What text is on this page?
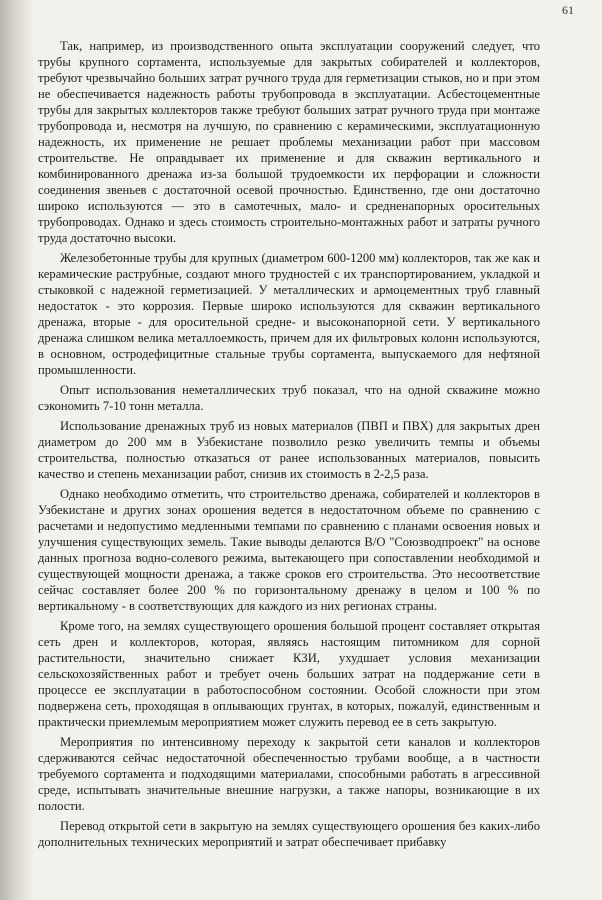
61

Так, например, из производственного опыта эксплуатации сооружений следует, что трубы крупного сортамента, используемые для закрытых собирателей и коллекторов, требуют чрезвычайно больших затрат ручного труда для герметизации стыков, но и при этом не обеспечивается надежность работы трубопровода в эксплуатации. Асбестоцементные трубы для закрытых коллекторов также требуют больших затрат ручного труда при монтаже трубопровода и, несмотря на лучшую, по сравнению с керамическими, эксплуатационную надежность, их применение не решает проблемы механизации работ при массовом строительстве. Не оправдывает их применение и для скважин вертикального и комбинированного дренажа из-за большой трудоемкости их перфорации и сложности соединения звеньев с достаточной осевой прочностью. Единственно, где они достаточно широко используются — это в самотечных, мало- и средненапорных оросительных трубопроводах. Однако и здесь стоимость строительно-монтажных работ и затраты ручного труда достаточно высоки.

Железобетонные трубы для крупных (диаметром 600-1200 мм) коллекторов, так же как и керамические раструбные, создают много трудностей с их транспортированием, укладкой и стыковкой с надежной герметизацией. У металлических и армоцементных труб главный недостаток - это коррозия. Первые широко используются для скважин вертикального дренажа, вторые - для оросительной средне- и высоконапорной сети. У вертикального дренажа слишком велика металлоемкость, причем для их фильтровых колонн используются, в основном, остродефицитные стальные трубы сортамента, выпускаемого для нефтяной промышленности.

Опыт использования неметаллических труб показал, что на одной скважине можно сэкономить 7-10 тонн металла.

Использование дренажных труб из новых материалов (ПВП и ПВХ) для закрытых дрен диаметром до 200 мм в Узбекистане позволило резко увеличить темпы и объемы строительства, полностью отказаться от ранее использованных материалов, повысить качество и степень механизации работ, снизив их стоимость в 2-2,5 раза.

Однако необходимо отметить, что строительство дренажа, собирателей и коллекторов в Узбекистане и других зонах орошения ведется в недостаточном объеме по сравнению с расчетами и недопустимо медленными темпами по сравнению с планами освоения новых и улучшения существующих земель. Такие выводы делаются В/О "Союзводпроект" на основе данных прогноза водно-солевого режима, вытекающего при сопоставлении необходимой и существующей мощности дренажа, а также сроков его строительства. Это несоответствие сейчас составляет более 200 % по горизонтальному дренажу в целом и 100 % по вертикальному - в соответствующих для каждого из них регионах страны.

Кроме того, на землях существующего орошения большой процент составляет открытая сеть дрен и коллекторов, которая, являясь настоящим питомником для сорной растительности, значительно снижает КЗИ, ухудшает условия механизации сельскохозяйственных работ и требует очень больших затрат на поддержание сети в процессе ее эксплуатации в работоспособном состоянии. Особой сложности при этом подвержена сеть, проходящая в оплывающих грунтах, в которых, пожалуй, единственным и практически приемлемым мероприятием может служить перевод ее в сеть закрытую.

Мероприятия по интенсивному переходу к закрытой сети каналов и коллекторов сдерживаются сейчас недостаточной обеспеченностью трубами вообще, а в частности требуемого сортамента и подходящими материалами, способными работать в агрессивной среде, испытывать значительные внешние нагрузки, а также напоры, возникающие в их полости.

Перевод открытой сети в закрытую на землях существующего орошения без каких-либо дополнительных технических мероприятий и затрат обеспечивает прибавку
